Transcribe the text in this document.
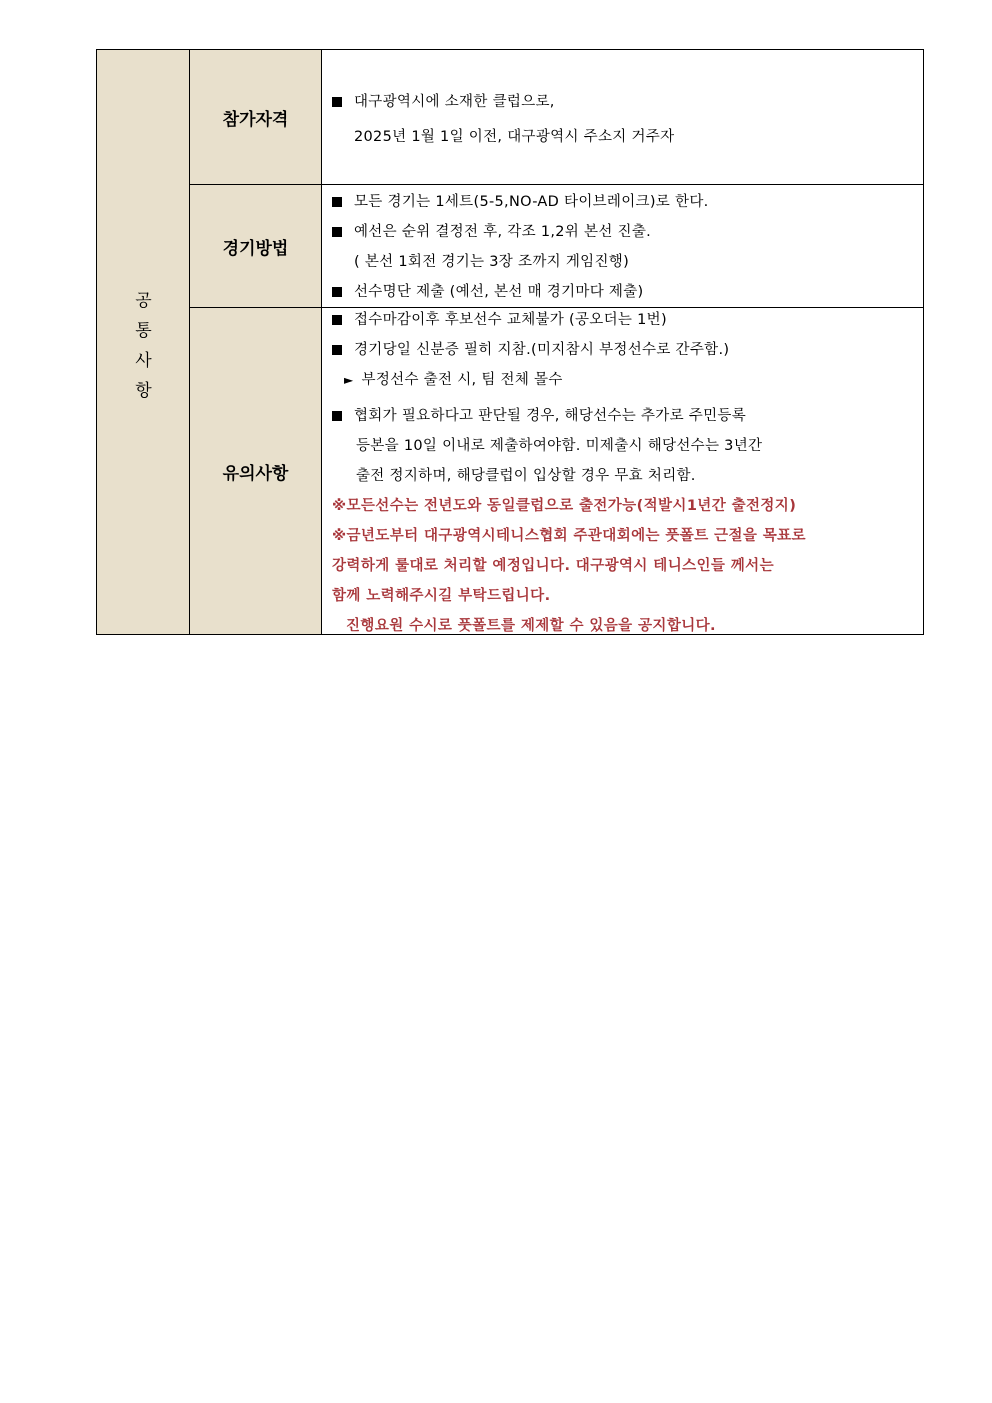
공
통
사
항
참가자격
대구광역시에 소재한 클럽으로,
2025년 1월 1일 이전, 대구광역시 주소지 거주자
경기방법
모든 경기는 1세트(5-5,NO-AD 타이브레이크)로 한다.
예선은 순위 결정전 후, 각조 1,2위 본선 진출.
( 본선 1회전 경기는 3장 조까지 게임진행)
선수명단 제출 (예선, 본선 매 경기마다 제출)
유의사항
접수마감이후 후보선수 교체불가 (공오더는 1번)
경기당일 신분증 필히 지참.(미지참시 부정선수로 간주함.)
► 부정선수 출전 시, 팀 전체 몰수
협회가 필요하다고 판단될 경우, 해당선수는 추가로 주민등록
등본을 10일 이내로 제출하여야함. 미제출시 해당선수는 3년간
출전 정지하며, 해당클럽이 입상할 경우 무효 처리함.
※모든선수는 전년도와 동일클럽으로 출전가능(적발시1년간 출전정지)
※금년도부터 대구광역시테니스협회 주관대회에는 풋폴트 근절을 목표로
강력하게 룰대로 처리할 예정입니다. 대구광역시 테니스인들 께서는
함께 노력해주시길 부탁드립니다.
진행요원 수시로 풋폴트를 제제할 수 있음을 공지합니다.
